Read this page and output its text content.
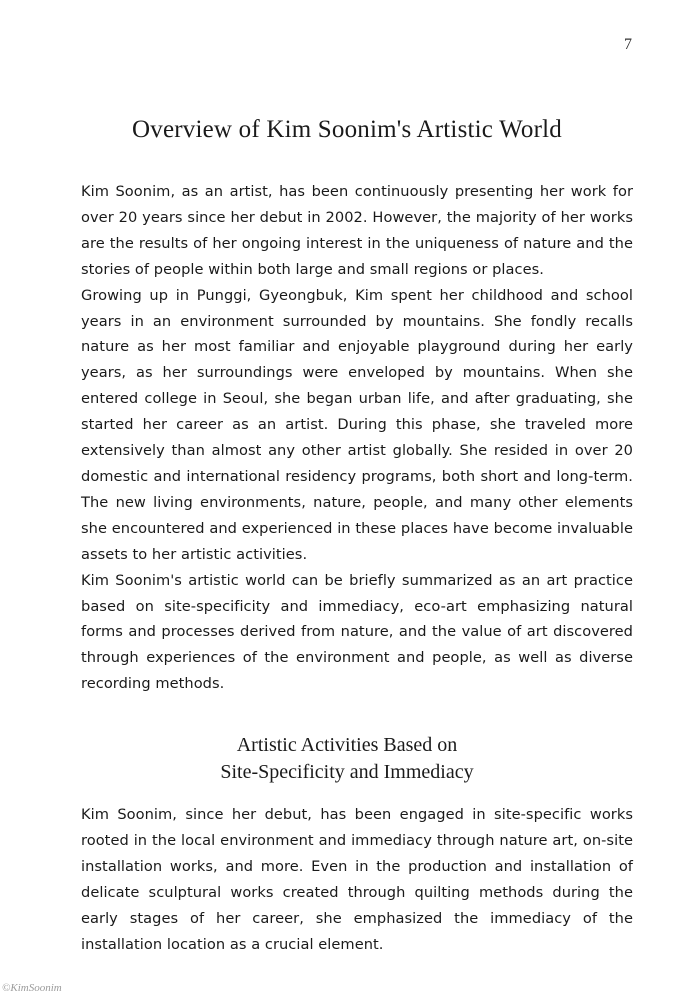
7
Overview of Kim Soonim's Artistic World

Kim Soonim, as an artist, has been continuously presenting her work for over 20 years since her debut in 2002. However, the majority of her works are the results of her ongoing interest in the uniqueness of nature and the stories of people within both large and small regions or places.

Growing up in Punggi, Gyeongbuk, Kim spent her childhood and school years in an environment surrounded by mountains. She fondly recalls nature as her most familiar and enjoyable playground during her early years, as her surroundings were enveloped by mountains. When she entered college in Seoul, she began urban life, and after graduating, she started her career as an artist. During this phase, she traveled more extensively than almost any other artist globally. She resided in over 20 domestic and international residency programs, both short and long-term. The new living environments, nature, people, and many other elements she encountered and experienced in these places have become invaluable assets to her artistic activities.

Kim Soonim's artistic world can be briefly summarized as an art practice based on site-specificity and immediacy, eco-art emphasizing natural forms and processes derived from nature, and the value of art discovered through experiences of the environment and people, as well as diverse recording methods.

Artistic Activities Based on
Site-Specificity and Immediacy

Kim Soonim, since her debut, has been engaged in site-specific works rooted in the local environment and immediacy through nature art, on-site installation works, and more. Even in the production and installation of delicate sculptural works created through quilting methods during the early stages of her career, she emphasized the immediacy of the installation location as a crucial element.

©KimSoonim
